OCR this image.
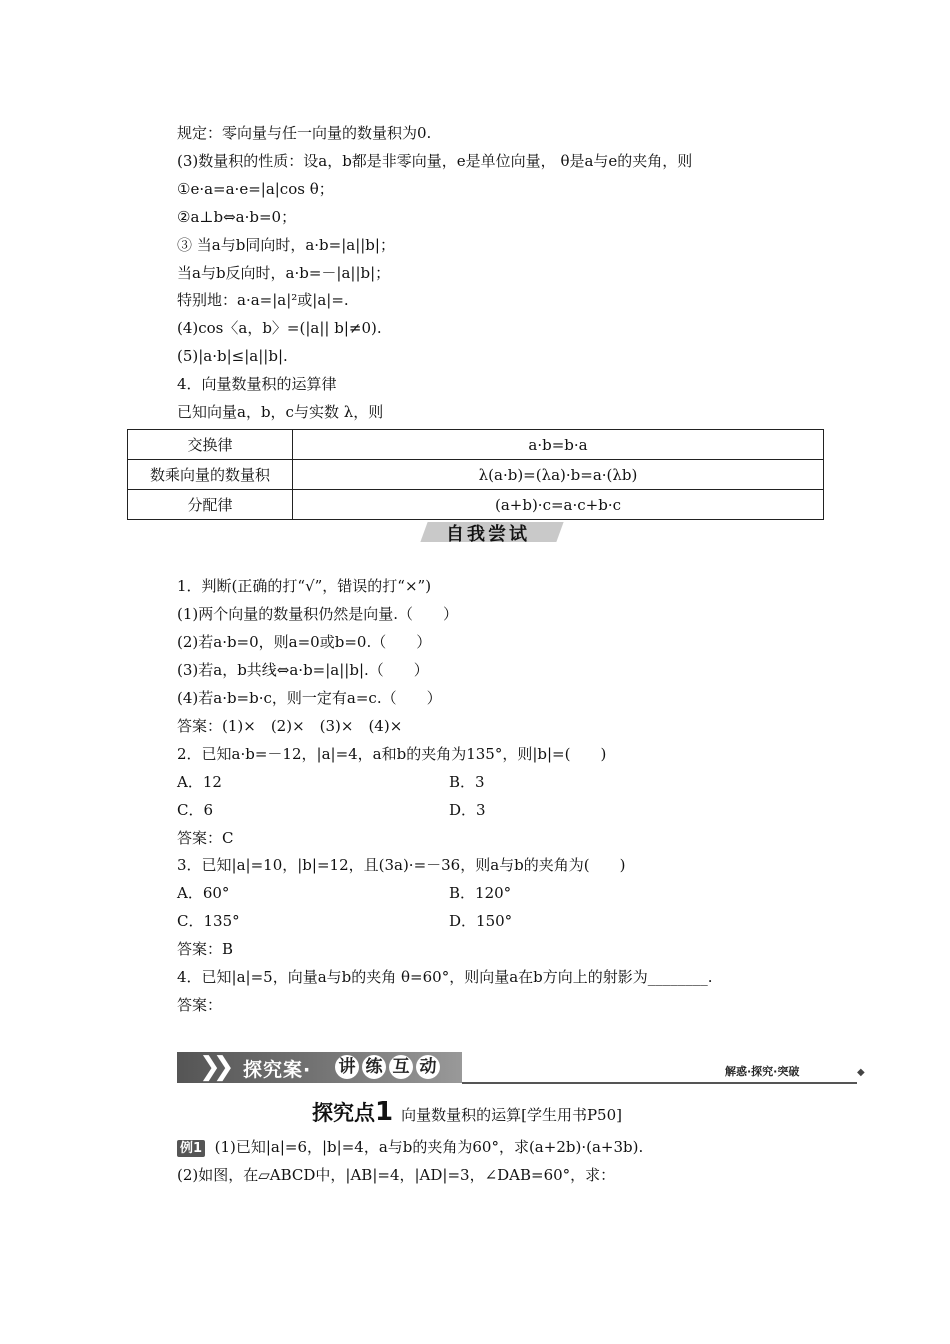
规定：零向量与任一向量的数量积为0.
(3)数量积的性质：设a，b都是非零向量，e是单位向量， θ是a与e的夹角，则
①e·a=a·e=|a|cos θ；
②a⊥b⇔a·b=0；
③ 当a与b同向时，a·b=|a||b|；
当a与b反向时，a·b=－|a||b|；
特别地：a·a=|a|²或|a|=.
(4)cos〈a，b〉=(|a|| b|≠0).
(5)|a·b|≤|a||b|.
4．向量数量积的运算律
已知向量a，b，c与实数 λ，则
交换律	a·b=b·a
数乘向量的数量积	λ(a·b)=(λa)·b=a·(λb)
分配律	(a+b)·c=a·c+b·c
自我尝试
1．判断(正确的打“√”，错误的打“×”)
(1)两个向量的数量积仍然是向量.（　　）
(2)若a·b=0，则a=0或b=0.（　　）
(3)若a，b共线⇔a·b=|a||b|.（　　）
(4)若a·b=b·c，则一定有a=c.（　　）
答案：(1)×　(2)×　(3)×　(4)×
2．已知a·b=－12，|a|=4，a和b的夹角为135°，则|b|=(　　)
A．12	B．3
C．6	D．3
答案：C
3．已知|a|=10，|b|=12，且(3a)·=－36，则a与b的夹角为(　　)
A．60°	B．120°
C．135°	D．150°
答案：B
4．已知|a|=5，向量a与b的夹角 θ=60°，则向量a在b方向上的射影为________.
答案：
❯❯ 探究案· 讲 练 互 动	解惑·探究·突破	◆
探究点1 向量数量积的运算[学生用书P50]
例1 (1)已知|a|=6，|b|=4，a与b的夹角为60°，求(a+2b)·(a+3b).
(2)如图，在▱ABCD中，|AB|=4，|AD|=3，∠DAB=60°，求：
